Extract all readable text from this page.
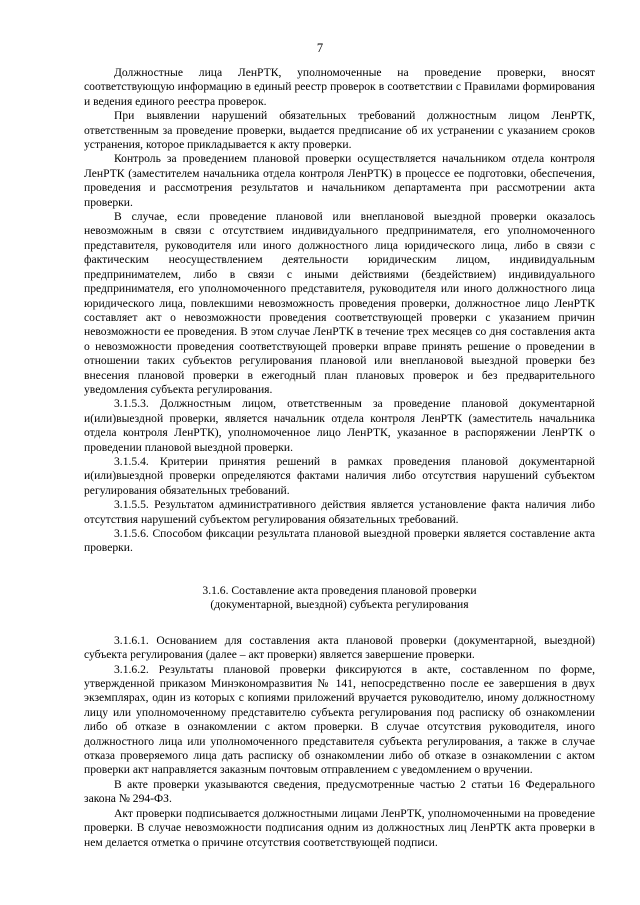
7

Должностные лица ЛенРТК, уполномоченные на проведение проверки, вносят соответствующую информацию в единый реестр проверок в соответствии с Правилами формирования и ведения единого реестра проверок.

При выявлении нарушений обязательных требований должностным лицом ЛенРТК, ответственным за проведение проверки, выдается предписание об их устранении с указанием сроков устранения, которое прикладывается к акту проверки.

Контроль за проведением плановой проверки осуществляется начальником отдела контроля ЛенРТК (заместителем начальника отдела контроля ЛенРТК) в процессе ее подготовки, обеспечения, проведения и рассмотрения результатов и начальником департамента при рассмотрении акта проверки.

В случае, если проведение плановой или внеплановой выездной проверки оказалось невозможным в связи с отсутствием индивидуального предпринимателя, его уполномоченного представителя, руководителя или иного должностного лица юридического лица, либо в связи с фактическим неосуществлением деятельности юридическим лицом, индивидуальным предпринимателем, либо в связи с иными действиями (бездействием) индивидуального предпринимателя, его уполномоченного представителя, руководителя или иного должностного лица юридического лица, повлекшими невозможность проведения проверки, должностное лицо ЛенРТК составляет акт о невозможности проведения соответствующей проверки с указанием причин невозможности ее проведения. В этом случае ЛенРТК в течение трех месяцев со дня составления акта о невозможности проведения соответствующей проверки вправе принять решение о проведении в отношении таких субъектов регулирования плановой или внеплановой выездной проверки без внесения плановой проверки в ежегодный план плановых проверок и без предварительного уведомления субъекта регулирования.

3.1.5.3. Должностным лицом, ответственным за проведение плановой документарной и(или)выездной проверки, является начальник отдела контроля ЛенРТК (заместитель начальника отдела контроля ЛенРТК), уполномоченное лицо ЛенРТК, указанное в распоряжении ЛенРТК о проведении плановой выездной проверки.

3.1.5.4. Критерии принятия решений в рамках проведения плановой документарной и(или)выездной проверки определяются фактами наличия либо отсутствия нарушений субъектом регулирования обязательных требований.

3.1.5.5. Результатом административного действия является установление факта наличия либо отсутствия нарушений субъектом регулирования обязательных требований.

3.1.5.6. Способом фиксации результата плановой выездной проверки является составление акта проверки.

3.1.6. Составление акта проведения плановой проверки
(документарной, выездной) субъекта регулирования

3.1.6.1. Основанием для составления акта плановой проверки (документарной, выездной) субъекта регулирования (далее – акт проверки) является завершение проверки.

3.1.6.2. Результаты плановой проверки фиксируются в акте, составленном по форме, утвержденной приказом Минэкономразвития № 141, непосредственно после ее завершения в двух экземплярах, один из которых с копиями приложений вручается руководителю, иному должностному лицу или уполномоченному представителю субъекта регулирования под расписку об ознакомлении либо об отказе в ознакомлении с актом проверки. В случае отсутствия руководителя, иного должностного лица или уполномоченного представителя субъекта регулирования, а также в случае отказа проверяемого лица дать расписку об ознакомлении либо об отказе в ознакомлении с актом проверки акт направляется заказным почтовым отправлением с уведомлением о вручении.

В акте проверки указываются сведения, предусмотренные частью 2 статьи 16 Федерального закона № 294-ФЗ.

Акт проверки подписывается должностными лицами ЛенРТК, уполномоченными на проведение проверки. В случае невозможности подписания одним из должностных лиц ЛенРТК акта проверки в нем делается отметка о причине отсутствия соответствующей подписи.
